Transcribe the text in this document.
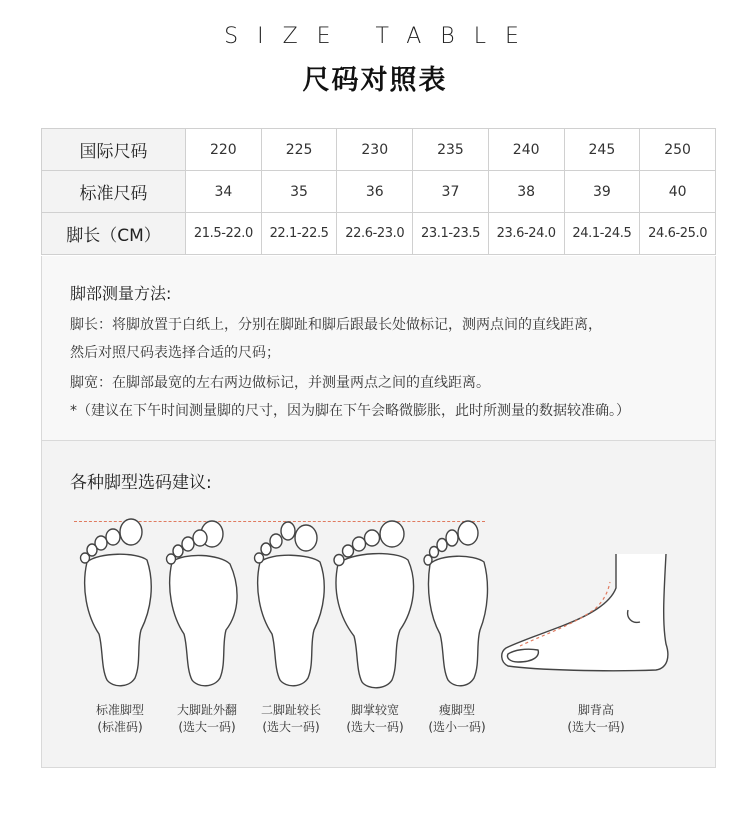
SIZE TABLE
尺码对照表
国际尺码	220	225	230	235	240	245	250
标准尺码	34	35	36	37	38	39	40
脚长（CM）	21.5-22.0	22.1-22.5	22.6-23.0	23.1-23.5	23.6-24.0	24.1-24.5	24.6-25.0
脚部测量方法:
脚长：将脚放置于白纸上，分别在脚趾和脚后跟最长处做标记，测两点间的直线距离，
然后对照尺码表选择合适的尺码；
脚宽：在脚部最宽的左右两边做标记，并测量两点之间的直线距离。
*（建议在下午时间测量脚的尺寸，因为脚在下午会略微膨胀，此时所测量的数据较准确。）
各种脚型选码建议:
标准脚型
(标准码)
大脚趾外翻
(选大一码)
二脚趾较长
(选大一码)
脚掌较宽
(选大一码)
瘦脚型
(选小一码)
脚背高
(选大一码)
